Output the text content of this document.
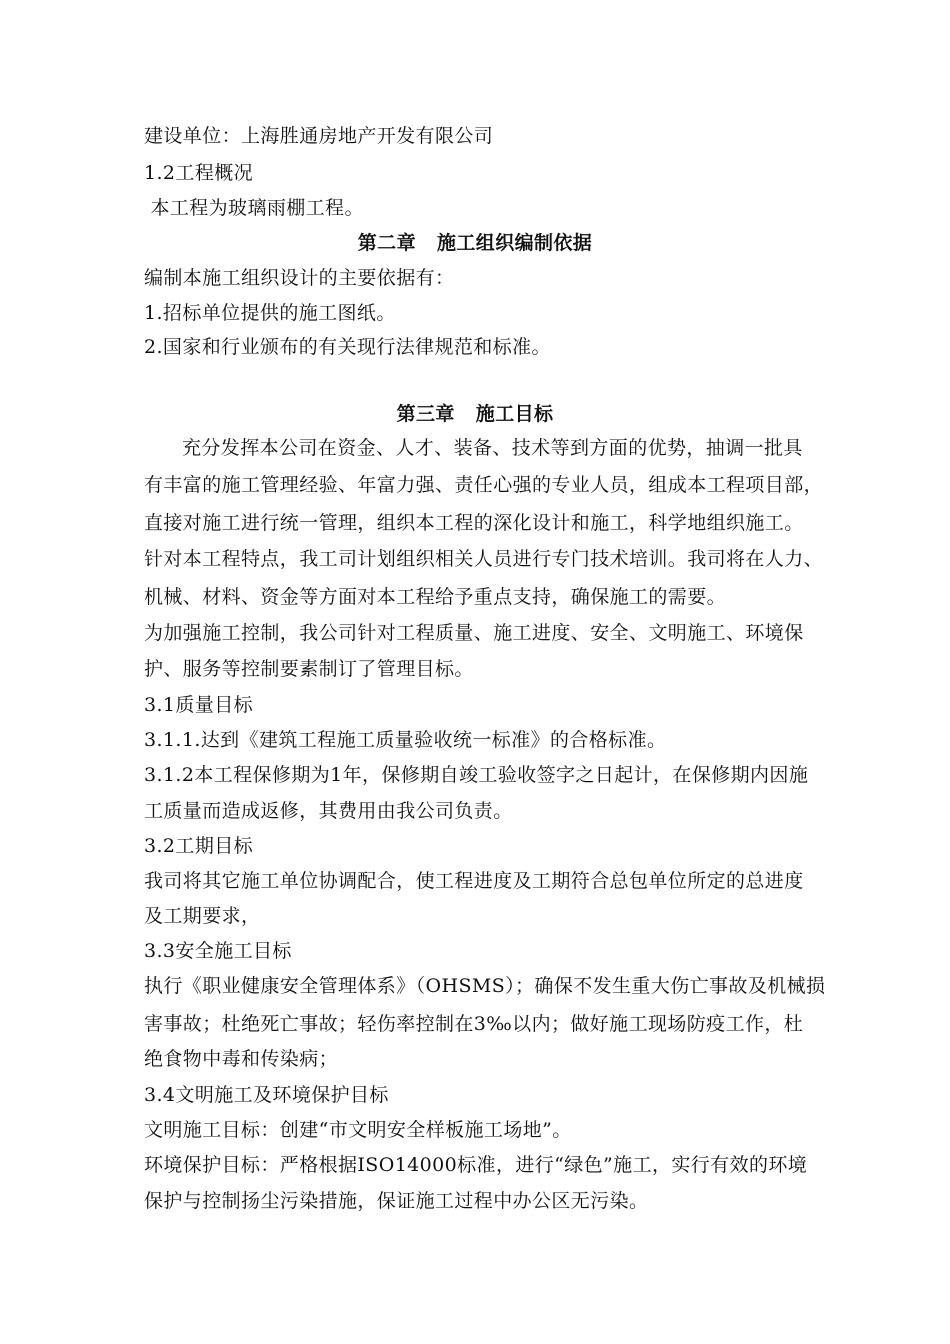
建设单位：上海胜通房地产开发有限公司
1.2工程概况
本工程为玻璃雨棚工程。
第二章   施工组织编制依据
编制本施工组织设计的主要依据有：
1.招标单位提供的施工图纸。
2.国家和行业颁布的有关现行法律规范和标准。
第三章   施工目标
充分发挥本公司在资金、人才、装备、技术等到方面的优势，抽调一批具
有丰富的施工管理经验、年富力强、责任心强的专业人员，组成本工程项目部，
直接对施工进行统一管理，组织本工程的深化设计和施工，科学地组织施工。
针对本工程特点，我工司计划组织相关人员进行专门技术培训。我司将在人力、
机械、材料、资金等方面对本工程给予重点支持，确保施工的需要。
为加强施工控制，我公司针对工程质量、施工进度、安全、文明施工、环境保
护、服务等控制要素制订了管理目标。
3.1质量目标
3.1.1.达到《建筑工程施工质量验收统一标准》的合格标准。
3.1.2本工程保修期为1年，保修期自竣工验收签字之日起计，在保修期内因施
工质量而造成返修，其费用由我公司负责。
3.2工期目标
我司将其它施工单位协调配合，使工程进度及工期符合总包单位所定的总进度
及工期要求，
3.3安全施工目标
执行《职业健康安全管理体系》（OHSMS）；确保不发生重大伤亡事故及机械损
害事故；杜绝死亡事故；轻伤率控制在3‰以内；做好施工现场防疫工作，杜
绝食物中毒和传染病；
3.4文明施工及环境保护目标
文明施工目标：创建“市文明安全样板施工场地”。
环境保护目标：严格根据ISO14000标准，进行“绿色”施工，实行有效的环境
保护与控制扬尘污染措施，保证施工过程中办公区无污染。
